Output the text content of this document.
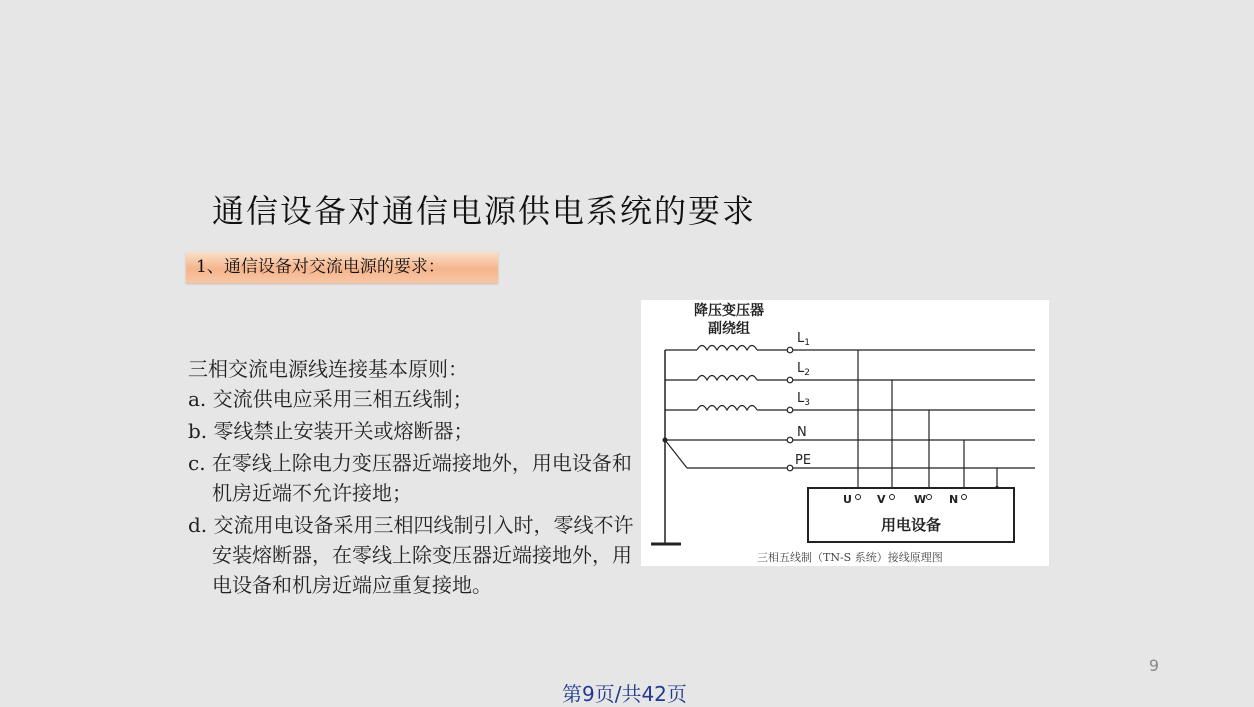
通信设备对通信电源供电系统的要求
1、通信设备对交流电源的要求：

三相交流电源线连接基本原则：

a. 交流供电应采用三相五线制；

b. 零线禁止安装开关或熔断器；

c. 在零线上除电力变压器近端接地外，用电设备和机房近端不允许接地；

d. 交流用电设备采用三相四线制引入时，零线不许安装熔断器，在零线上除变压器近端接地外，用电设备和机房近端应重复接地。

降压变压器
副绕组
$L_1$
$L_2$
$L_3$
N
PE
U V	W N
用电设备
三相五线制（TN-S 系统）接线原理图
9
第9页/共42页
